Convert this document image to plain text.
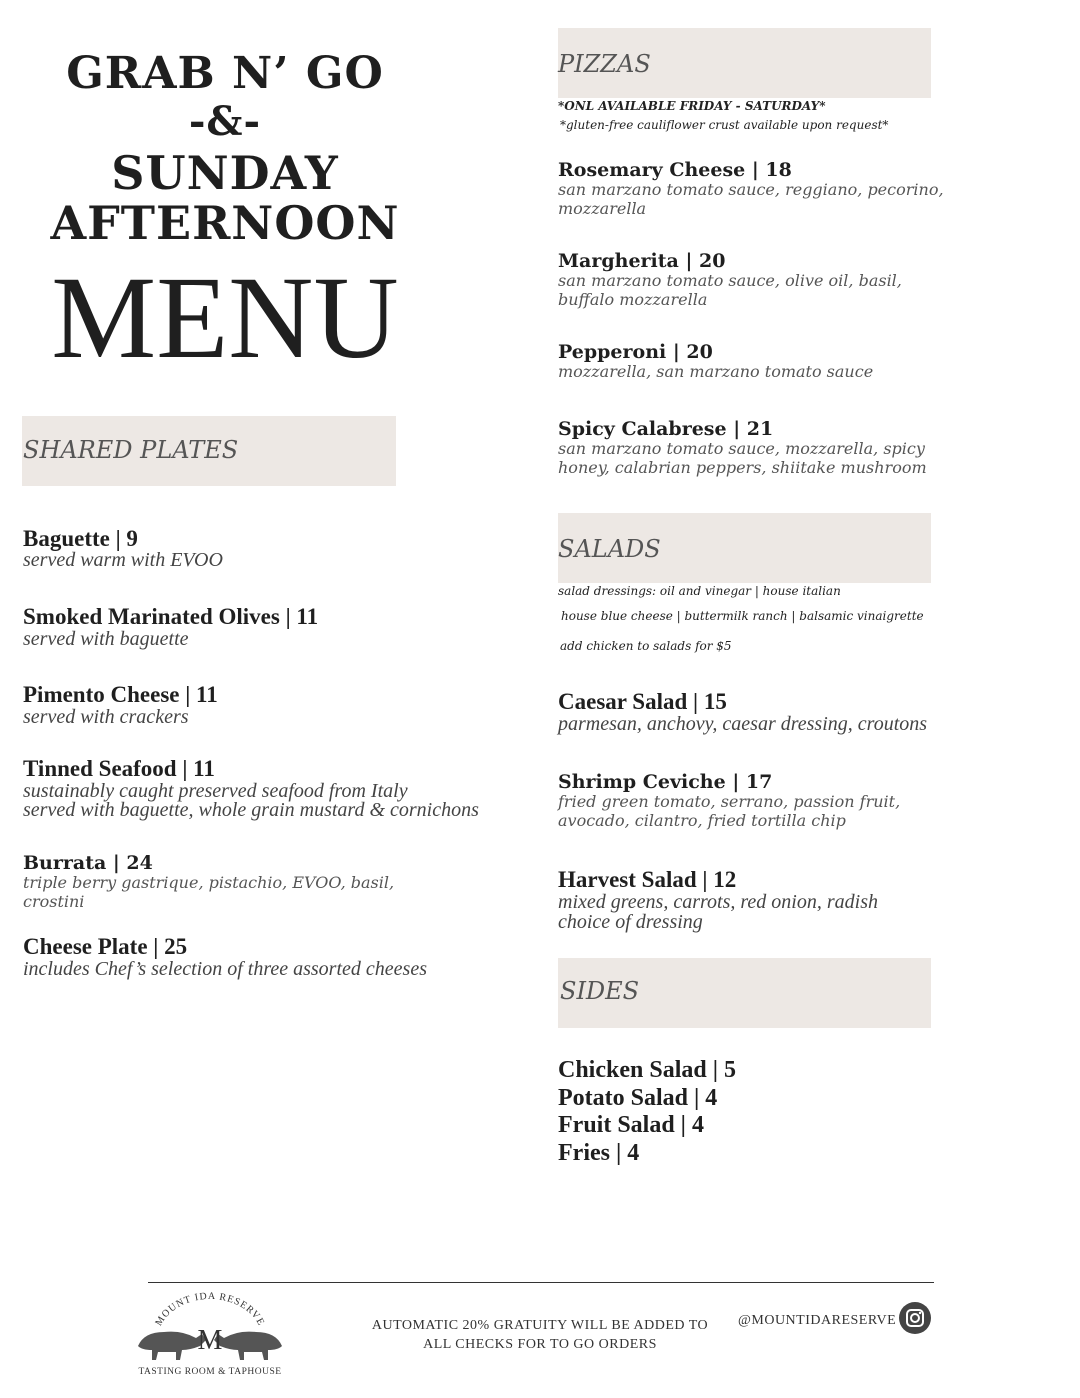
GRAB N’ GO
-&-
SUNDAY
AFTERNOON
MENU
SHARED PLATES
Baguette | 9
served warm with EVOO
Smoked Marinated Olives | 11
served with baguette
Pimento Cheese | 11
served with crackers
Tinned Seafood | 11
sustainably caught preserved seafood from Italy
served with baguette, whole grain mustard & cornichons
Burrata | 24
triple berry gastrique, pistachio, EVOO, basil,
crostini
Cheese Plate | 25
includes Chef’s selection of three assorted cheeses
PIZZAS
*ONL AVAILABLE FRIDAY - SATURDAY*
*gluten-free cauliflower crust available upon request*
Rosemary Cheese | 18
san marzano tomato sauce, reggiano, pecorino,
mozzarella
Margherita | 20
san marzano tomato sauce, olive oil, basil,
buffalo mozzarella
Pepperoni | 20
mozzarella, san marzano tomato sauce
Spicy Calabrese | 21
san marzano tomato sauce, mozzarella, spicy
honey, calabrian peppers, shiitake mushroom
SALADS
salad dressings: oil and vinegar | house italian
house blue cheese | buttermilk ranch | balsamic vinaigrette
add chicken to salads for $5
Caesar Salad | 15
parmesan, anchovy, caesar dressing, croutons
Shrimp Ceviche | 17
fried green tomato, serrano, passion fruit,
avocado, cilantro, fried tortilla chip
Harvest Salad | 12
mixed greens, carrots, red onion, radish
choice of dressing
SIDES
Chicken Salad | 5
Potato Salad | 4
Fruit Salad | 4
Fries | 4
MOUNT IDA RESERVE
M
TASTING ROOM & TAPHOUSE
AUTOMATIC 20% GRATUITY WILL BE ADDED TO
ALL CHECKS FOR TO GO ORDERS
@MOUNTIDARESERVE
